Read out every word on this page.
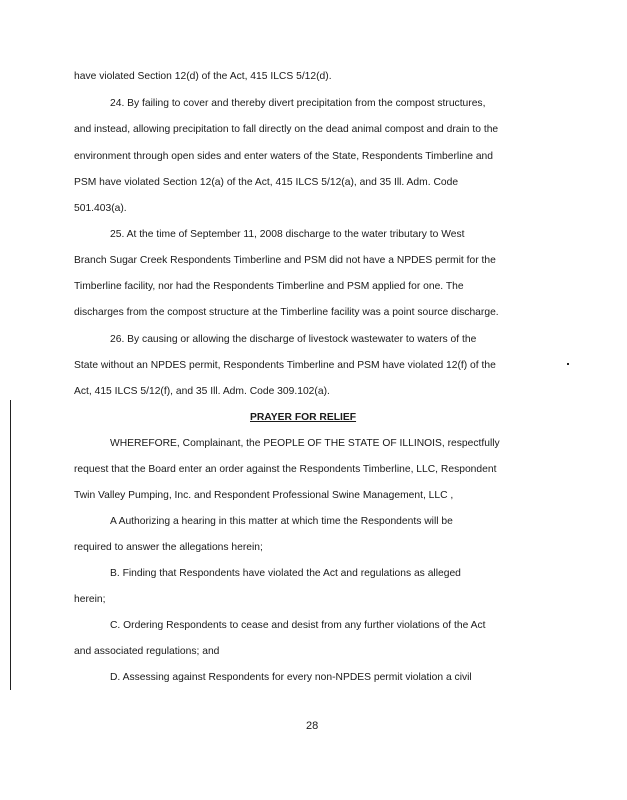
have violated Section 12(d) of the Act, 415 ILCS 5/12(d).
24. By failing to cover and thereby divert precipitation from the compost structures,
and instead, allowing precipitation to fall directly on the dead animal compost and drain to the
environment through open sides and enter waters of the State, Respondents Timberline and
PSM have violated Section 12(a) of the Act, 415 ILCS 5/12(a), and 35 Ill. Adm. Code
501.403(a).
25. At the time of September 11, 2008 discharge to the water tributary to West
Branch Sugar Creek Respondents Timberline and PSM did not have a NPDES permit for the
Timberline facility, nor had the Respondents Timberline and PSM applied for one. The
discharges from the compost structure at the Timberline facility was a point source discharge.
26. By causing or allowing the discharge of livestock wastewater to waters of the
State without an NPDES permit, Respondents Timberline and PSM have violated 12(f) of the
Act, 415 ILCS 5/12(f), and 35 Ill. Adm. Code 309.102(a).
PRAYER FOR RELIEF
WHEREFORE, Complainant, the PEOPLE OF THE STATE OF ILLINOIS, respectfully
request that the Board enter an order against the Respondents Timberline, LLC, Respondent
Twin Valley Pumping, Inc. and Respondent Professional Swine Management, LLC ,
A Authorizing a hearing in this matter at which time the Respondents will be
required to answer the allegations herein;
B. Finding that Respondents have violated the Act and regulations as alleged
herein;
C. Ordering Respondents to cease and desist from any further violations of the Act
and associated regulations; and
D. Assessing against Respondents for every non-NPDES permit violation a civil
28
